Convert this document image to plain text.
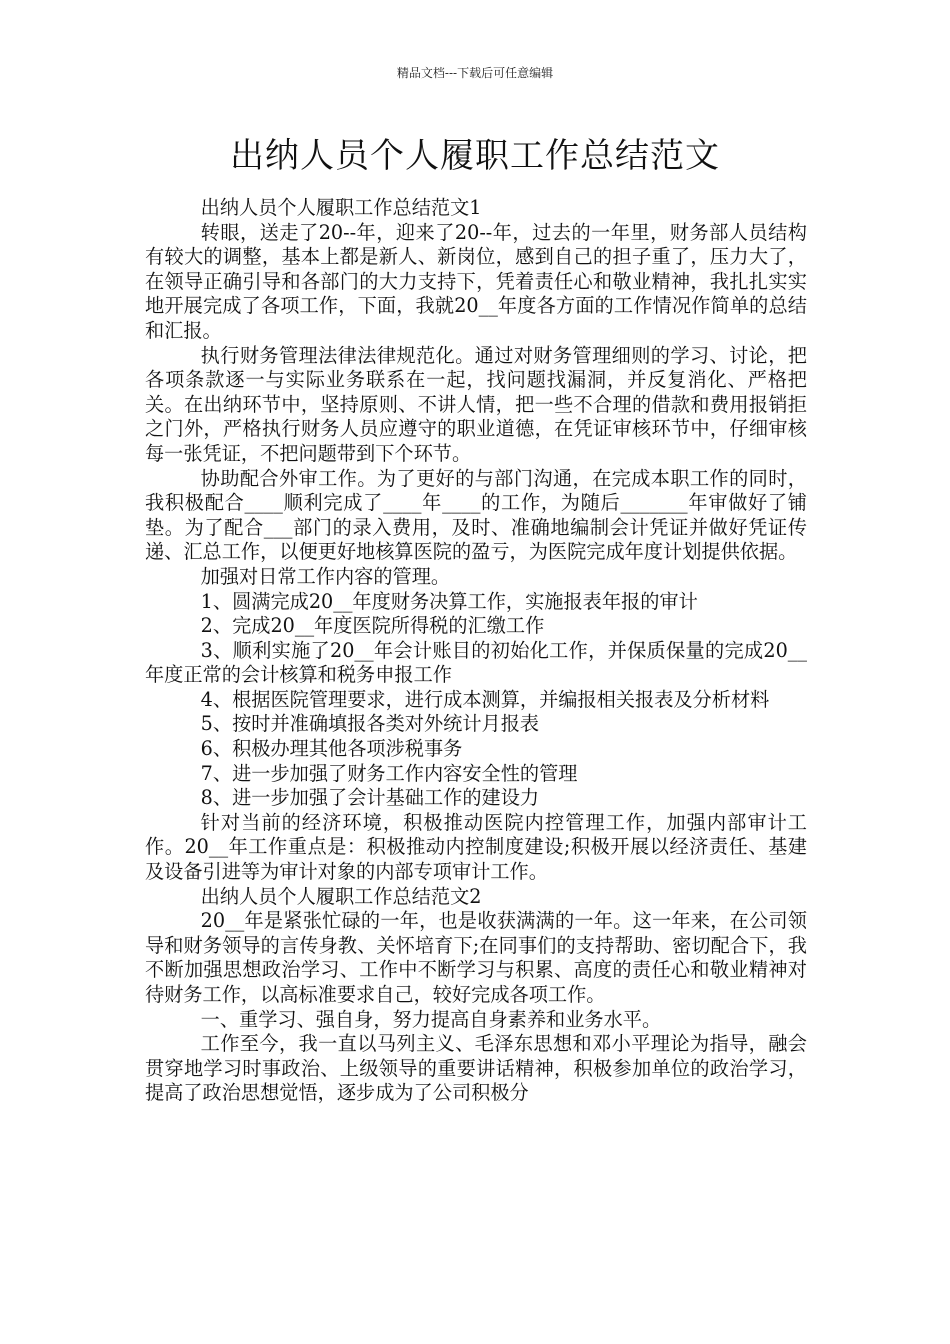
精品文档---下载后可任意编辑
出纳人员个人履职工作总结范文

出纳人员个人履职工作总结范文1

转眼，送走了20--年，迎来了20--年，过去的一年里，财务部人员结构有较大的调整，基本上都是新人、新岗位，感到自己的担子重了，压力大了，在领导正确引导和各部门的大力支持下，凭着责任心和敬业精神，我扎扎实实地开展完成了各项工作，下面，我就20__年度各方面的工作情况作简单的总结和汇报。

执行财务管理法律法律规范化。通过对财务管理细则的学习、讨论，把各项条款逐一与实际业务联系在一起，找问题找漏洞，并反复消化、严格把关。在出纳环节中，坚持原则、不讲人情，把一些不合理的借款和费用报销拒之门外，严格执行财务人员应遵守的职业道德，在凭证审核环节中，仔细审核每一张凭证，不把问题带到下个环节。

协助配合外审工作。为了更好的与部门沟通，在完成本职工作的同时，我积极配合____顺利完成了____年____的工作，为随后_______年审做好了铺垫。为了配合___部门的录入费用，及时、准确地编制会计凭证并做好凭证传递、汇总工作，以便更好地核算医院的盈亏，为医院完成年度计划提供依据。

加强对日常工作内容的管理。

1、圆满完成20__年度财务决算工作，实施报表年报的审计

2、完成20__年度医院所得税的汇缴工作

3、顺利实施了20__年会计账目的初始化工作，并保质保量的完成20__年度正常的会计核算和税务申报工作

4、根据医院管理要求，进行成本测算，并编报相关报表及分析材料

5、按时并准确填报各类对外统计月报表

6、积极办理其他各项涉税事务

7、进一步加强了财务工作内容安全性的管理

8、进一步加强了会计基础工作的建设力

针对当前的经济环境，积极推动医院内控管理工作，加强内部审计工作。20__年工作重点是：积极推动内控制度建设;积极开展以经济责任、基建及设备引进等为审计对象的内部专项审计工作。

出纳人员个人履职工作总结范文2

20__年是紧张忙碌的一年，也是收获满满的一年。这一年来，在公司领导和财务领导的言传身教、关怀培育下;在同事们的支持帮助、密切配合下，我不断加强思想政治学习、工作中不断学习与积累、高度的责任心和敬业精神对待财务工作，以高标准要求自己，较好完成各项工作。

一、重学习、强自身，努力提高自身素养和业务水平。

工作至今，我一直以马列主义、毛泽东思想和邓小平理论为指导，融会贯穿地学习时事政治、上级领导的重要讲话精神，积极参加单位的政治学习，提高了政治思想觉悟，逐步成为了公司积极分
